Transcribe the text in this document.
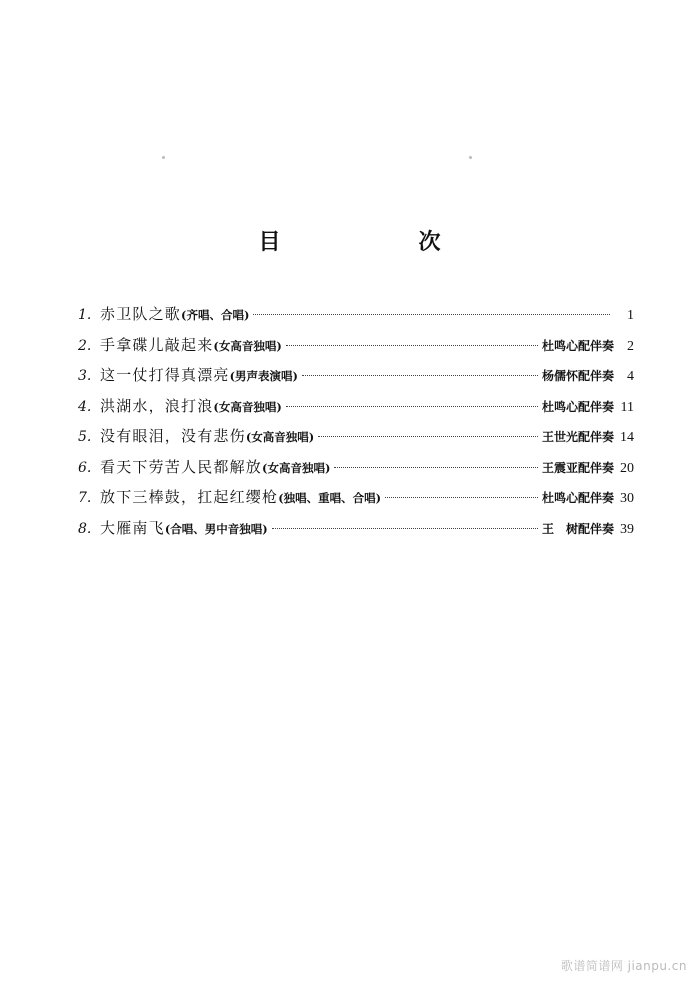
目　次
1. 赤卫队之歌 (齐唱、合唱)	1
2. 手拿碟儿敲起来 (女高音独唱)	杜鸣心配伴奏 2
3. 这一仗打得真漂亮 (男声表演唱)	杨儒怀配伴奏 4
4. 洪湖水，浪打浪 (女高音独唱)	杜鸣心配伴奏 11
5. 没有眼泪，没有悲伤 (女高音独唱)	王世光配伴奏 14
6. 看天下劳苦人民都解放 (女高音独唱)	王震亚配伴奏 20
7. 放下三棒鼓，扛起红缨枪 (独唱、重唱、合唱)	杜鸣心配伴奏 30
8. 大雁南飞 (合唱、男中音独唱)	王　树配伴奏 39
歌谱简谱网 jianpu.cn
